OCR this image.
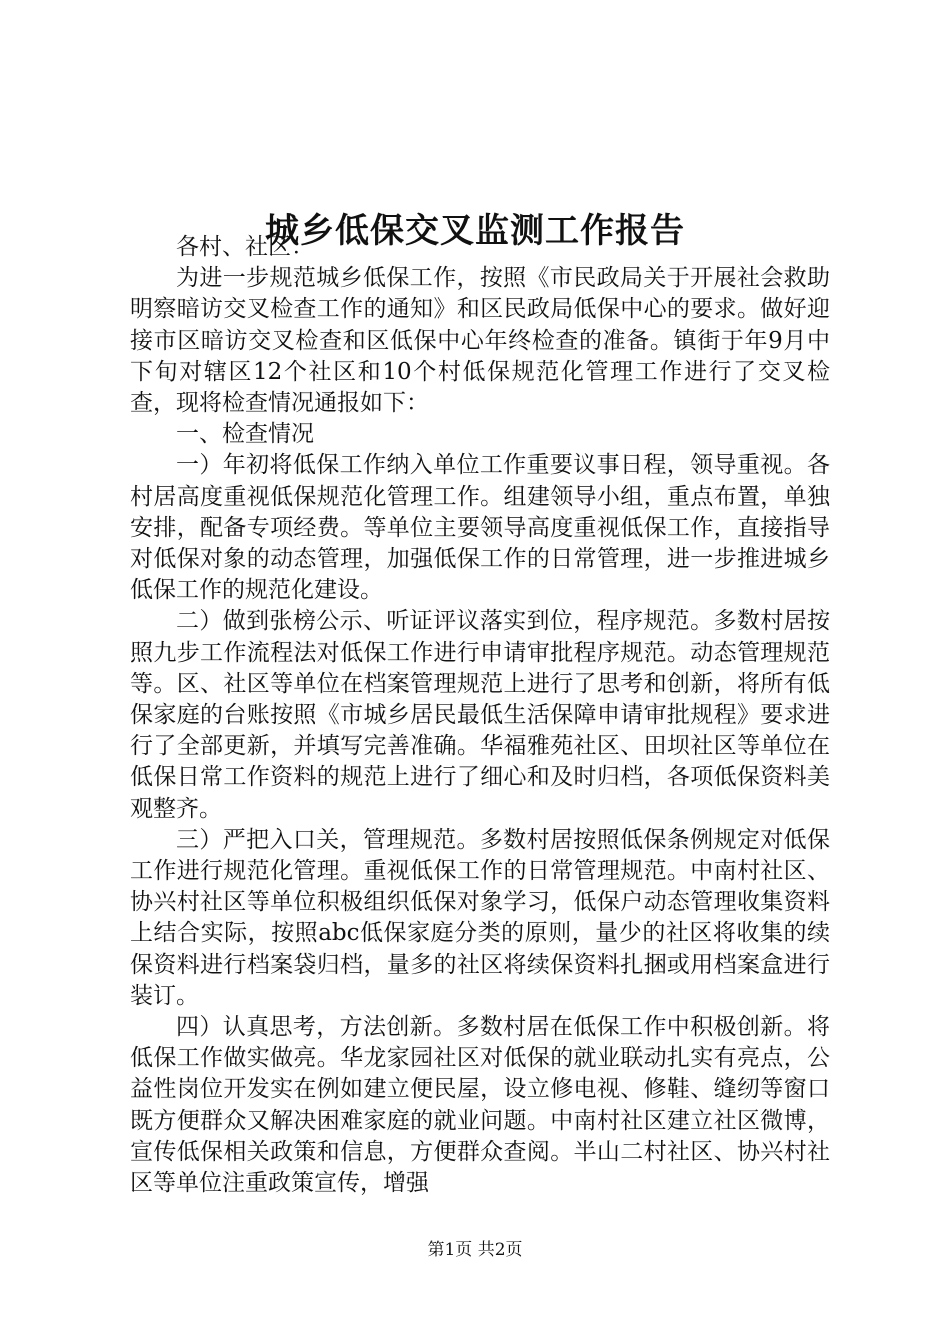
城乡低保交叉监测工作报告

各村、社区：

为进一步规范城乡低保工作，按照《市民政局关于开展社会救助明察暗访交叉检查工作的通知》和区民政局低保中心的要求。做好迎接市区暗访交叉检查和区低保中心年终检查的准备。镇街于年9月中下旬对辖区12个社区和10个村低保规范化管理工作进行了交叉检查，现将检查情况通报如下：

一、检查情况

一）年初将低保工作纳入单位工作重要议事日程，领导重视。各村居高度重视低保规范化管理工作。组建领导小组，重点布置，单独安排，配备专项经费。等单位主要领导高度重视低保工作，直接指导对低保对象的动态管理，加强低保工作的日常管理，进一步推进城乡低保工作的规范化建设。

二）做到张榜公示、听证评议落实到位，程序规范。多数村居按照九步工作流程法对低保工作进行申请审批程序规范。动态管理规范等。区、社区等单位在档案管理规范上进行了思考和创新，将所有低保家庭的台账按照《市城乡居民最低生活保障申请审批规程》要求进行了全部更新，并填写完善准确。华福雅苑社区、田坝社区等单位在低保日常工作资料的规范上进行了细心和及时归档，各项低保资料美观整齐。

三）严把入口关，管理规范。多数村居按照低保条例规定对低保工作进行规范化管理。重视低保工作的日常管理规范。中南村社区、协兴村社区等单位积极组织低保对象学习，低保户动态管理收集资料上结合实际，按照abc低保家庭分类的原则，量少的社区将收集的续保资料进行档案袋归档，量多的社区将续保资料扎捆或用档案盒进行装订。

四）认真思考，方法创新。多数村居在低保工作中积极创新。将低保工作做实做亮。华龙家园社区对低保的就业联动扎实有亮点，公益性岗位开发实在例如建立便民屋，设立修电视、修鞋、缝纫等窗口既方便群众又解决困难家庭的就业问题。中南村社区建立社区微博，宣传低保相关政策和信息，方便群众查阅。半山二村社区、协兴村社区等单位注重政策宣传，增强

第1页 共2页
